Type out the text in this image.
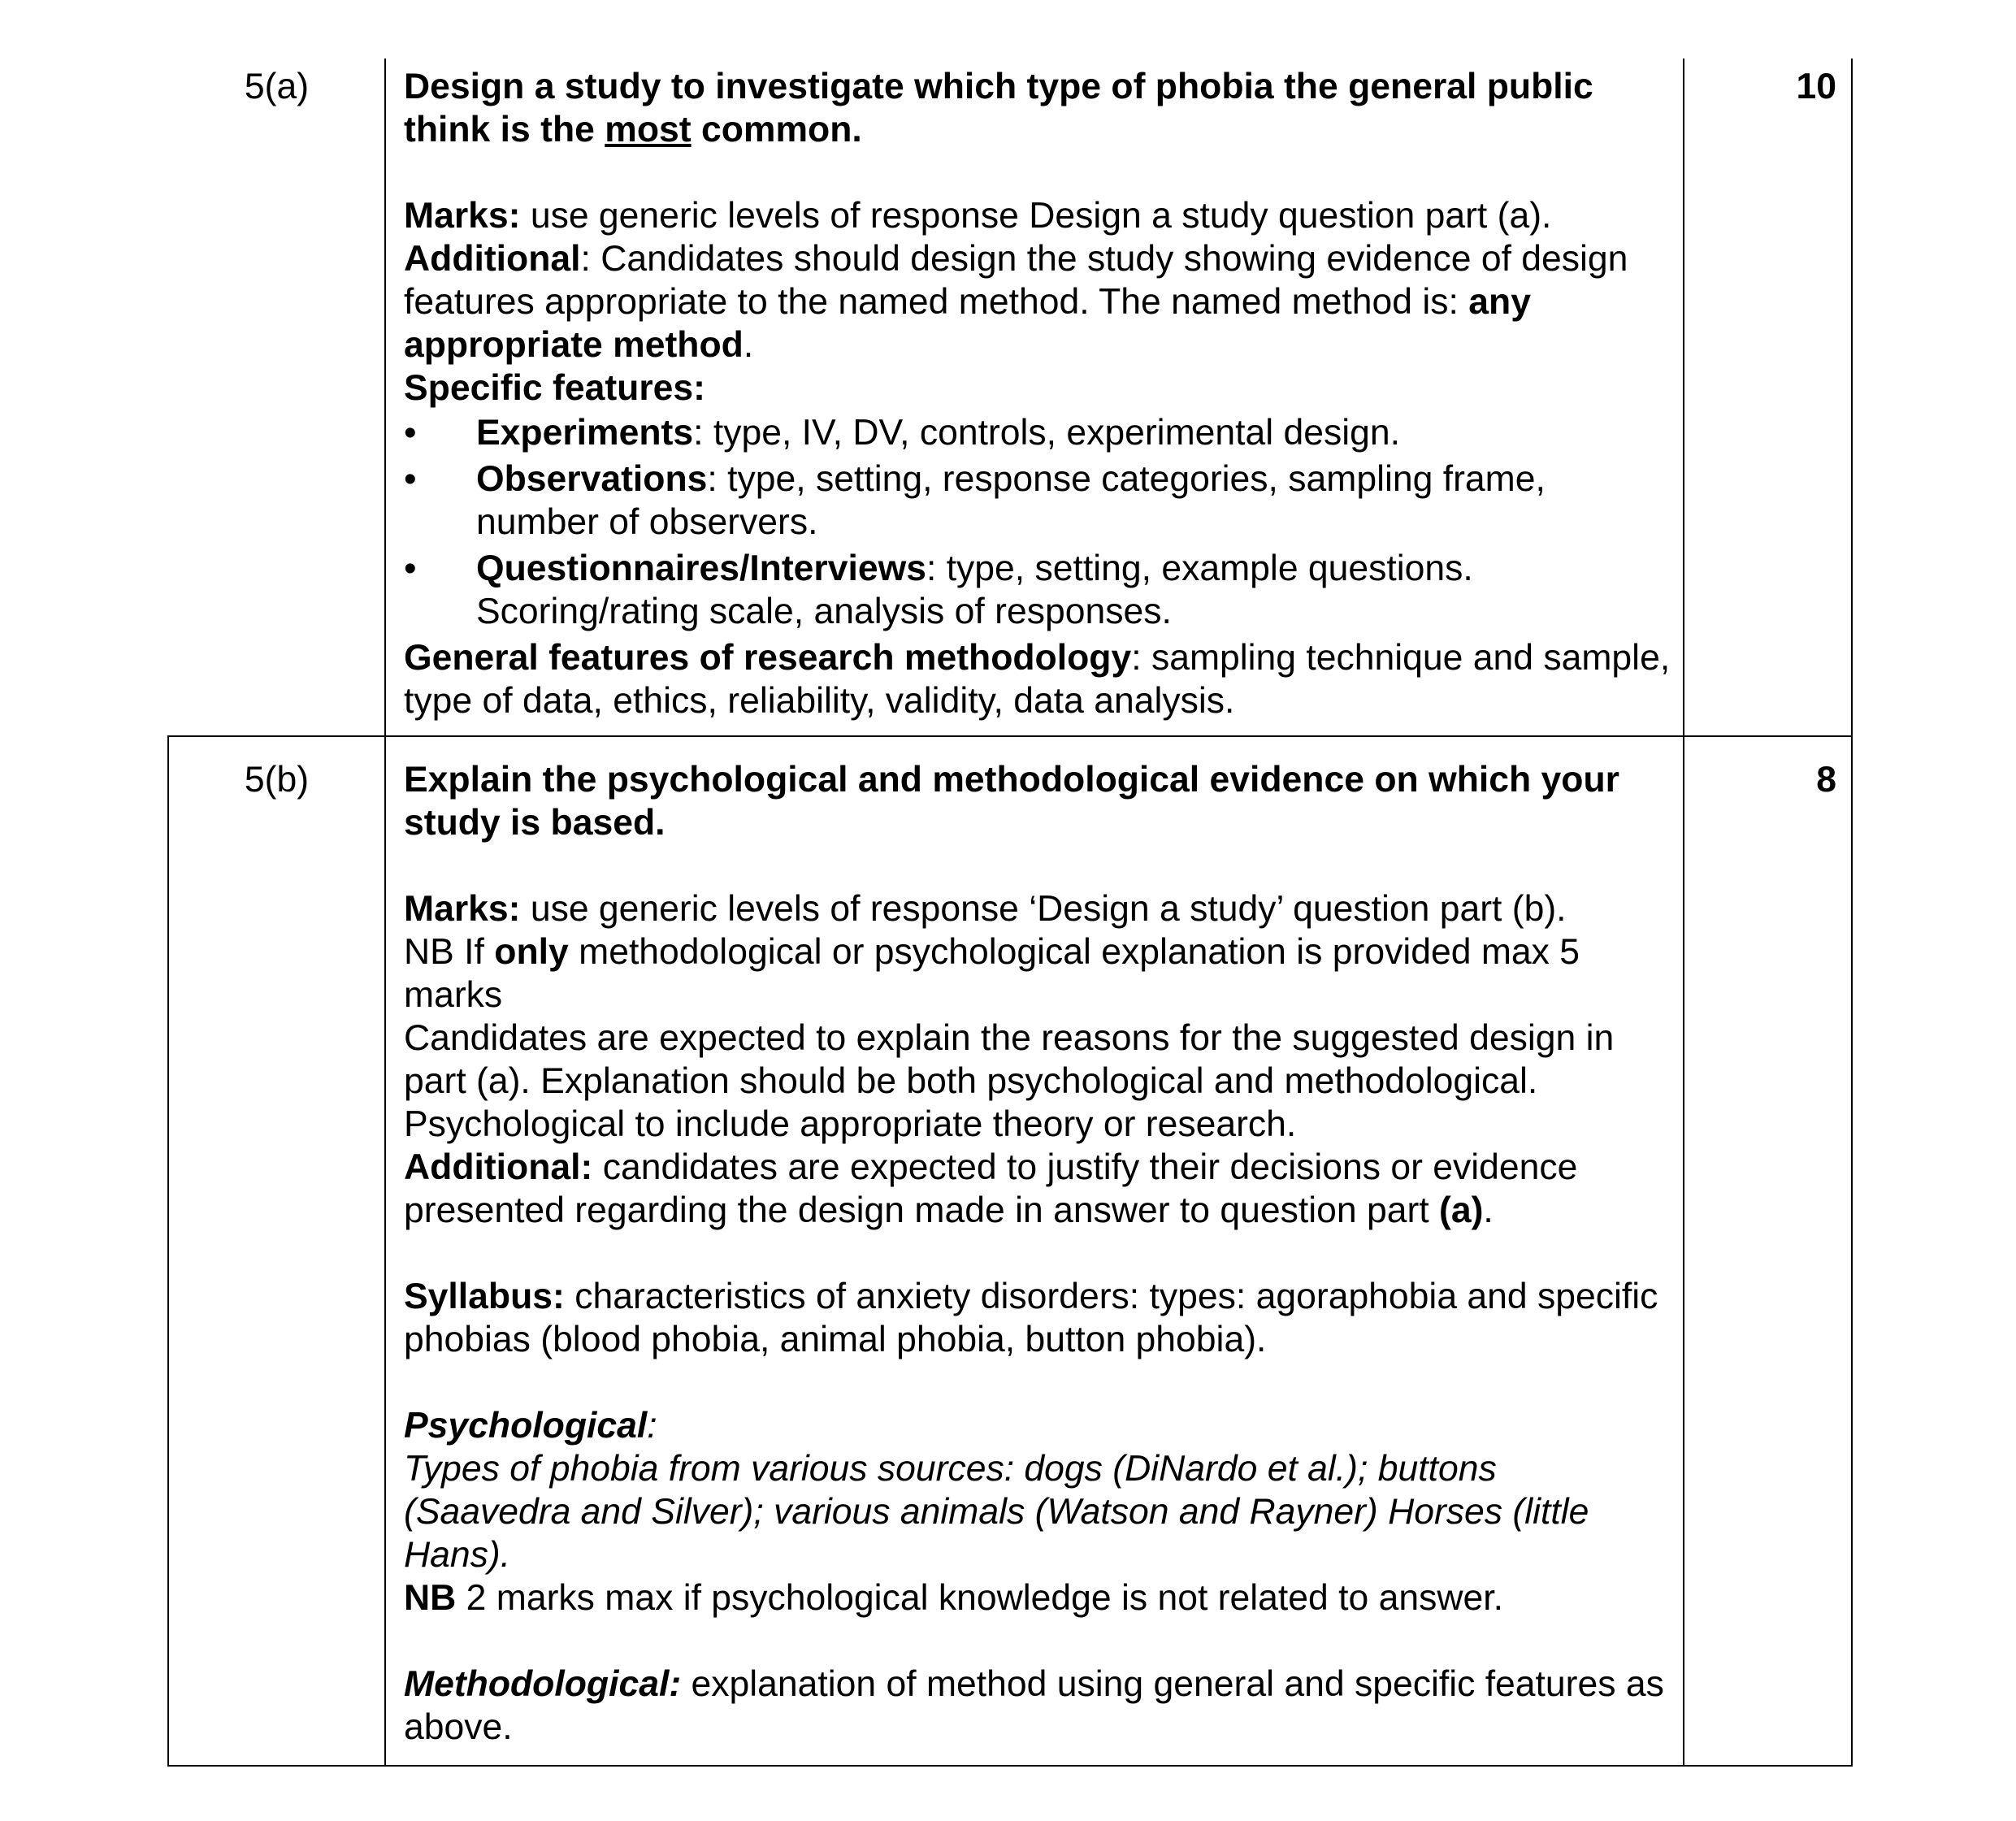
5(a)	Design a study to investigate which type of phobia the general public think is the most common.

Marks: use generic levels of response Design a study question part (a).

Additional: Candidates should design the study showing evidence of design features appropriate to the named method. The named method is: any appropriate method.

Specific features:

• Experiments: type, IV, DV, controls, experimental design.
• Observations: type, setting, response categories, sampling frame, number of observers.
• Questionnaires/Interviews: type, setting, example questions. Scoring/rating scale, analysis of responses.

General features of research methodology: sampling technique and sample, type of data, ethics, reliability, validity, data analysis.

10
5(b)	Explain the psychological and methodological evidence on which your study is based.

Marks: use generic levels of response ‘Design a study’ question part (b).

NB If only methodological or psychological explanation is provided max 5 marks

Candidates are expected to explain the reasons for the suggested design in part (a). Explanation should be both psychological and methodological. Psychological to include appropriate theory or research.

Additional: candidates are expected to justify their decisions or evidence presented regarding the design made in answer to question part (a).

Syllabus: characteristics of anxiety disorders: types: agoraphobia and specific phobias (blood phobia, animal phobia, button phobia).

Psychological:

Types of phobia from various sources: dogs (DiNardo et al.); buttons (Saavedra and Silver); various animals (Watson and Rayner) Horses (little Hans).

NB 2 marks max if psychological knowledge is not related to answer.

Methodological: explanation of method using general and specific features as above.

8
